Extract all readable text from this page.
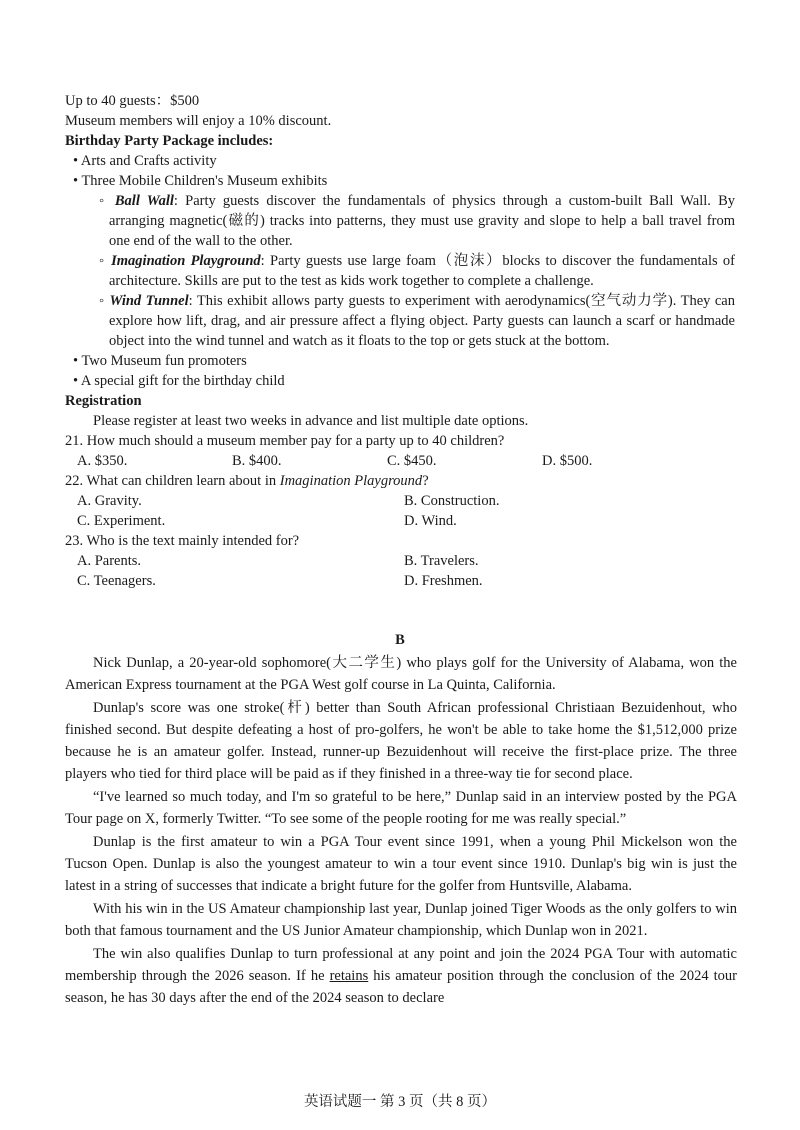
Up to 40 guests：$500
Museum members will enjoy a 10% discount.
Birthday Party Package includes:
• Arts and Crafts activity
• Three Mobile Children's Museum exhibits
◦ Ball Wall: Party guests discover the fundamentals of physics through a custom-built Ball Wall. By arranging magnetic(磁的) tracks into patterns, they must use gravity and slope to help a ball travel from one end of the wall to the other.
◦ Imagination Playground: Party guests use large foam（泡沫）blocks to discover the fundamentals of architecture. Skills are put to the test as kids work together to complete a challenge.
◦ Wind Tunnel: This exhibit allows party guests to experiment with aerodynamics(空气动力学). They can explore how lift, drag, and air pressure affect a flying object. Party guests can launch a scarf or handmade object into the wind tunnel and watch as it floats to the top or gets stuck at the bottom.
• Two Museum fun promoters
• A special gift for the birthday child
Registration
Please register at least two weeks in advance and list multiple date options.
21. How much should a museum member pay for a party up to 40 children?
A. $350.	B. $400.	C. $450.	D. $500.
22. What can children learn about in Imagination Playground?
A. Gravity.	B. Construction.
C. Experiment.	D. Wind.
23. Who is the text mainly intended for?
A. Parents.	B. Travelers.
C. Teenagers.	D. Freshmen.
B

Nick Dunlap, a 20-year-old sophomore(大二学生) who plays golf for the University of Alabama, won the American Express tournament at the PGA West golf course in La Quinta, California.

Dunlap's score was one stroke(杆) better than South African professional Christiaan Bezuidenhout, who finished second. But despite defeating a host of pro-golfers, he won't be able to take home the $1,512,000 prize because he is an amateur golfer. Instead, runner-up Bezuidenhout will receive the first-place prize. The three players who tied for third place will be paid as if they finished in a three-way tie for second place.

“I've learned so much today, and I'm so grateful to be here,” Dunlap said in an interview posted by the PGA Tour page on X, formerly Twitter. “To see some of the people rooting for me was really special.”

Dunlap is the first amateur to win a PGA Tour event since 1991, when a young Phil Mickelson won the Tucson Open. Dunlap is also the youngest amateur to win a tour event since 1910. Dunlap's big win is just the latest in a string of successes that indicate a bright future for the golfer from Huntsville, Alabama.

With his win in the US Amateur championship last year, Dunlap joined Tiger Woods as the only golfers to win both that famous tournament and the US Junior Amateur championship, which Dunlap won in 2021.

The win also qualifies Dunlap to turn professional at any point and join the 2024 PGA Tour with automatic membership through the 2026 season. If he retains his amateur position through the conclusion of the 2024 tour season, he has 30 days after the end of the 2024 season to declare

英语试题一 第 3 页（共 8 页）
